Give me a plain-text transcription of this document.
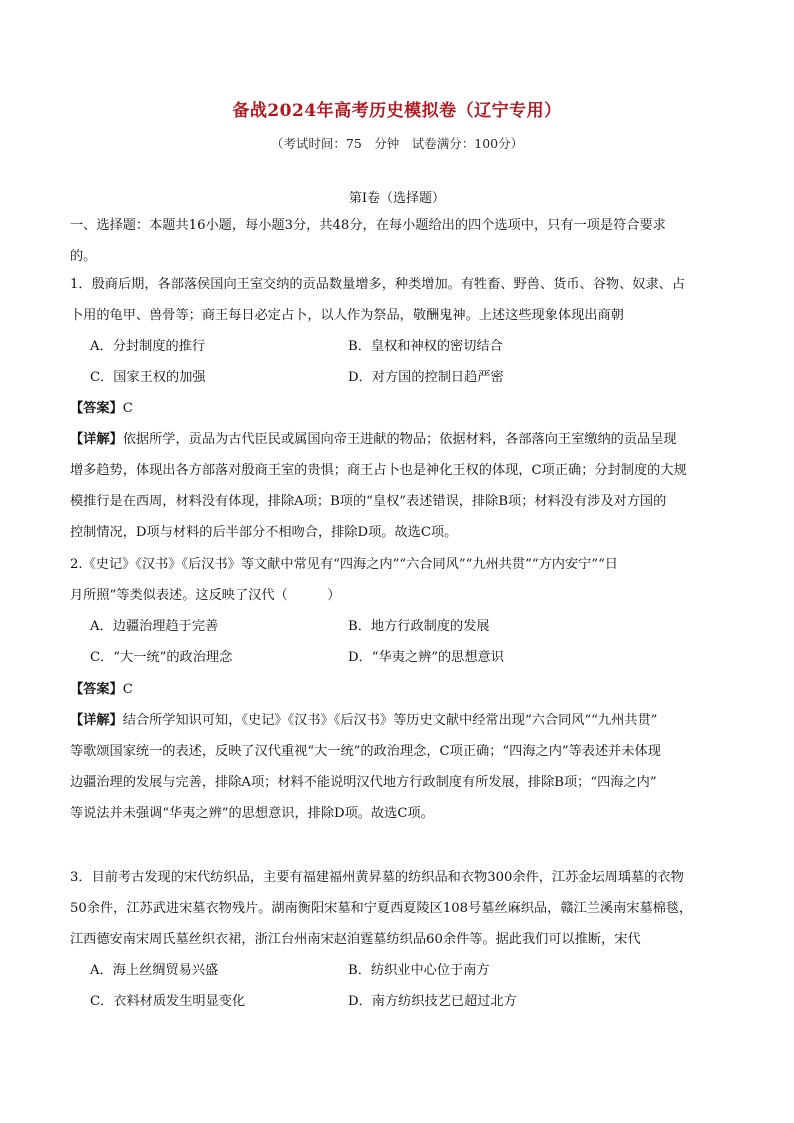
备战2024年高考历史模拟卷（辽宁专用）
（考试时间：75　分钟　试卷满分：100分）
第Ⅰ卷（选择题）
一、选择题：本题共16小题，每小题3分，共48分，在每小题给出的四个选项中，只有一项是符合要求
的。
1．殷商后期，各部落侯国向王室交纳的贡品数量增多，种类增加。有牲畜、野兽、货币、谷物、奴隶、占
卜用的龟甲、兽骨等；商王每日必定占卜，以人作为祭品，敬酬鬼神。上述这些现象体现出商朝
A．分封制度的推行	B．皇权和神权的密切结合
C．国家王权的加强	D．对方国的控制日趋严密
【答案】C
【详解】依据所学，贡品为古代臣民或属国向帝王进献的物品；依据材料，各部落向王室缴纳的贡品呈现
增多趋势，体现出各方部落对殷商王室的贵惧；商王占卜也是神化王权的体现，C项正确；分封制度的大规
模推行是在西周，材料没有体现，排除A项；B项的“皇权”表述错误，排除B项；材料没有涉及对方国的
控制情况，D项与材料的后半部分不相吻合，排除D项。故选C项。
2.《史记》《汉书》《后汉书》等文献中常见有“四海之内”“六合同风”“九州共贯”“方内安宁”“日
月所照”等类似表述。这反映了汉代（　　　）
A．边疆治理趋于完善	B．地方行政制度的发展
C．“大一统”的政治理念	D．“华夷之辨”的思想意识
【答案】C
【详解】结合所学知识可知，《史记》《汉书》《后汉书》等历史文献中经常出现“六合同风”“九州共贯”
等歌颂国家统一的表述，反映了汉代重视“大一统”的政治理念，C项正确；“四海之内”等表述并未体现
边疆治理的发展与完善，排除A项；材料不能说明汉代地方行政制度有所发展，排除B项；“四海之内”
等说法并未强调“华夷之辨”的思想意识，排除D项。故选C项。
3．目前考古发现的宋代纺织品，主要有福建福州黄昇墓的纺织品和衣物300余件，江苏金坛周瑀墓的衣物
50余件，江苏武进宋墓衣物残片。湖南衡阳宋墓和宁夏西夏陵区108号墓丝麻织品，赣江兰溪南宋墓棉毯，
江西德安南宋周氏墓丝织衣裙，浙江台州南宋赵洎霆墓纺织品60余件等。据此我们可以推断，宋代
A．海上丝绸贸易兴盛	B．纺织业中心位于南方
C．衣料材质发生明显变化	D．南方纺织技艺已超过北方
